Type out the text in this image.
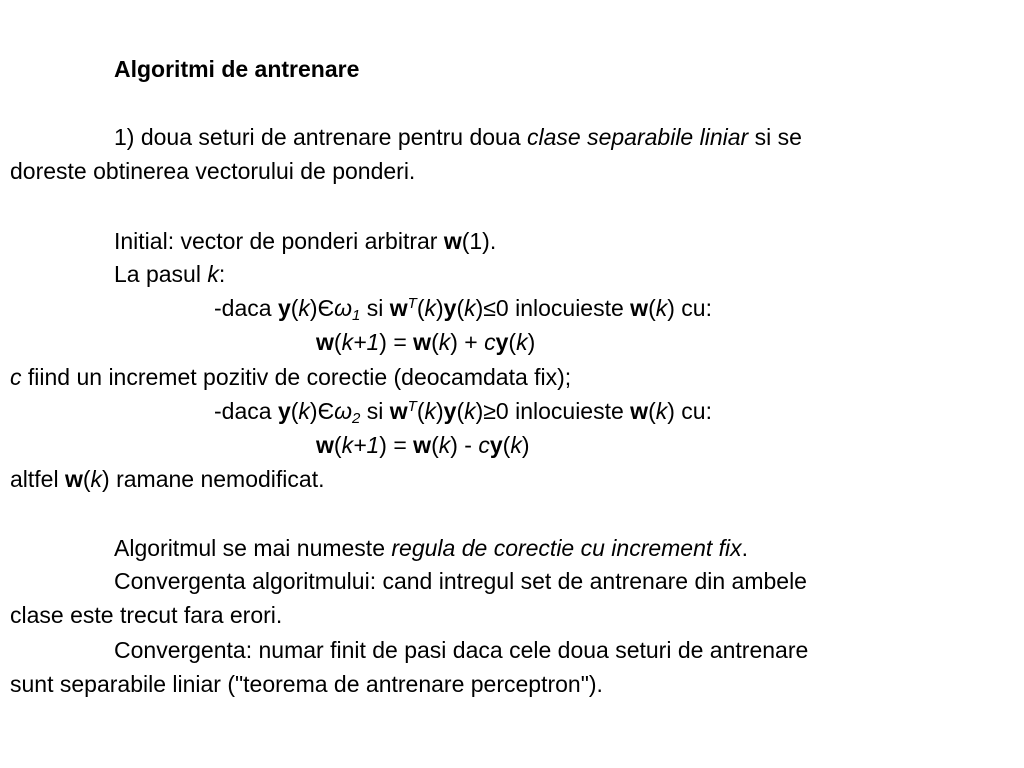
Algoritmi de antrenare
1) doua seturi de antrenare pentru doua clase separabile liniar si se
doreste obtinerea vectorului de ponderi.
Initial: vector de ponderi arbitrar w(1).
La pasul k:
-daca $y(k)Є\omega_1$ si $w^T(k)y(k)\le 0$ inlocuieste w(k) cu:
w(k+1) = w(k) + cy(k)
c fiind un incremet pozitiv de corectie (deocamdata fix);
-daca $y(k)Є\omega_2$ si $w^T(k)y(k)\ge 0$ inlocuieste w(k) cu:
w(k+1) = w(k) - cy(k)
altfel w(k) ramane nemodificat.
Algoritmul se mai numeste regula de corectie cu increment fix.
Convergenta algoritmului: cand intregul set de antrenare din ambele
clase este trecut fara erori.
Convergenta: numar finit de pasi daca cele doua seturi de antrenare
sunt separabile liniar ("teorema de antrenare perceptron").
